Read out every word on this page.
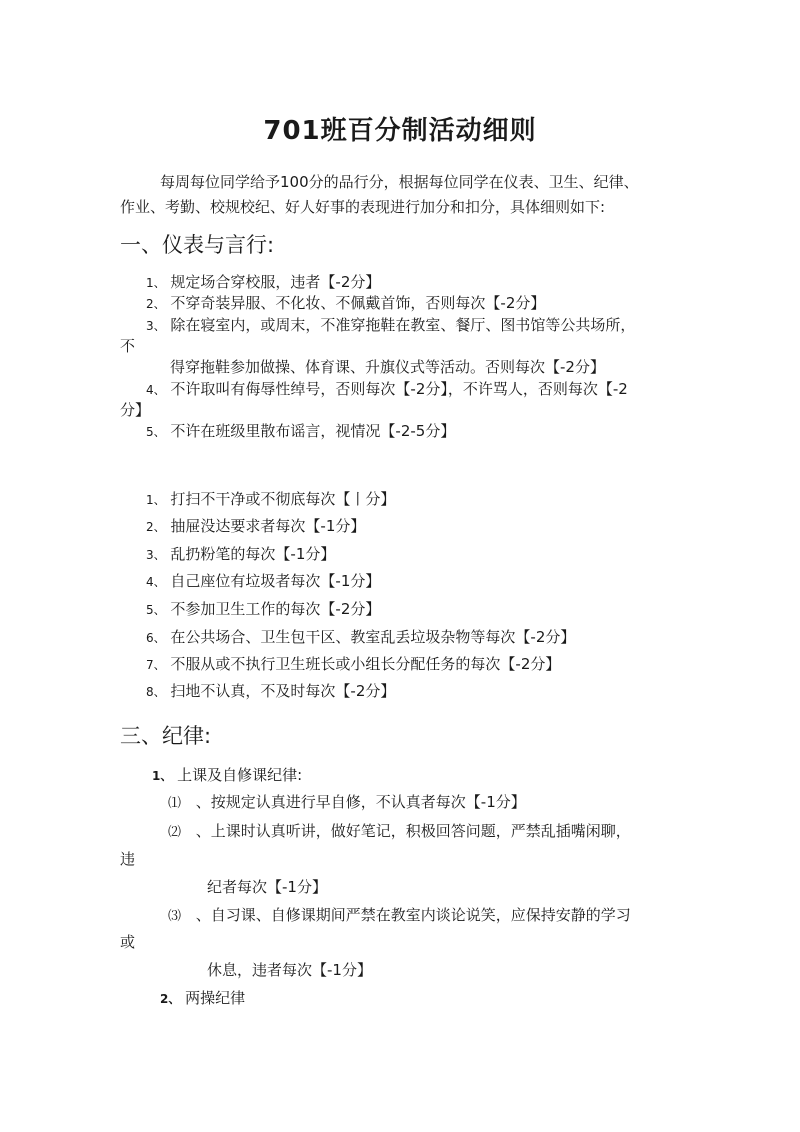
701班百分制活动细则
每周每位同学给予100分的品行分，根据每位同学在仪表、卫生、纪律、
作业、考勤、校规校纪、好人好事的表现进行加分和扣分，具体细则如下:
一、仪表与言行:
1、 规定场合穿校服，违者【-2分】
2、 不穿奇装异服、不化妆、不佩戴首饰，否则每次【-2分】
3、 除在寝室内，或周末，不准穿拖鞋在教室、餐厅、图书馆等公共场所，
不
得穿拖鞋参加做操、体育课、升旗仪式等活动。否则每次【-2分】
4、 不许取叫有侮辱性绰号，否则每次【-2分】，不许骂人，否则每次【-2
分】
5、 不许在班级里散布谣言，视情况【-2-5分】
1、 打扫不干净或不彻底每次【丨分】
2、 抽屉没达要求者每次【-1分】
3、 乱扔粉笔的每次【-1分】
4、 自己座位有垃圾者每次【-1分】
5、 不参加卫生工作的每次【-2分】
6、 在公共场合、卫生包干区、教室乱丢垃圾杂物等每次【-2分】
7、 不服从或不执行卫生班长或小组长分配任务的每次【-2分】
8、 扫地不认真，不及时每次【-2分】
三、纪律:
1、 上课及自修课纪律:
⑴ 、按规定认真进行早自修，不认真者每次【-1分】
⑵ 、上课时认真听讲，做好笔记，积极回答问题，严禁乱插嘴闲聊，
违
纪者每次【-1分】
⑶ 、自习课、自修课期间严禁在教室内谈论说笑，应保持安静的学习
或
休息，违者每次【-1分】
2、 两操纪律
